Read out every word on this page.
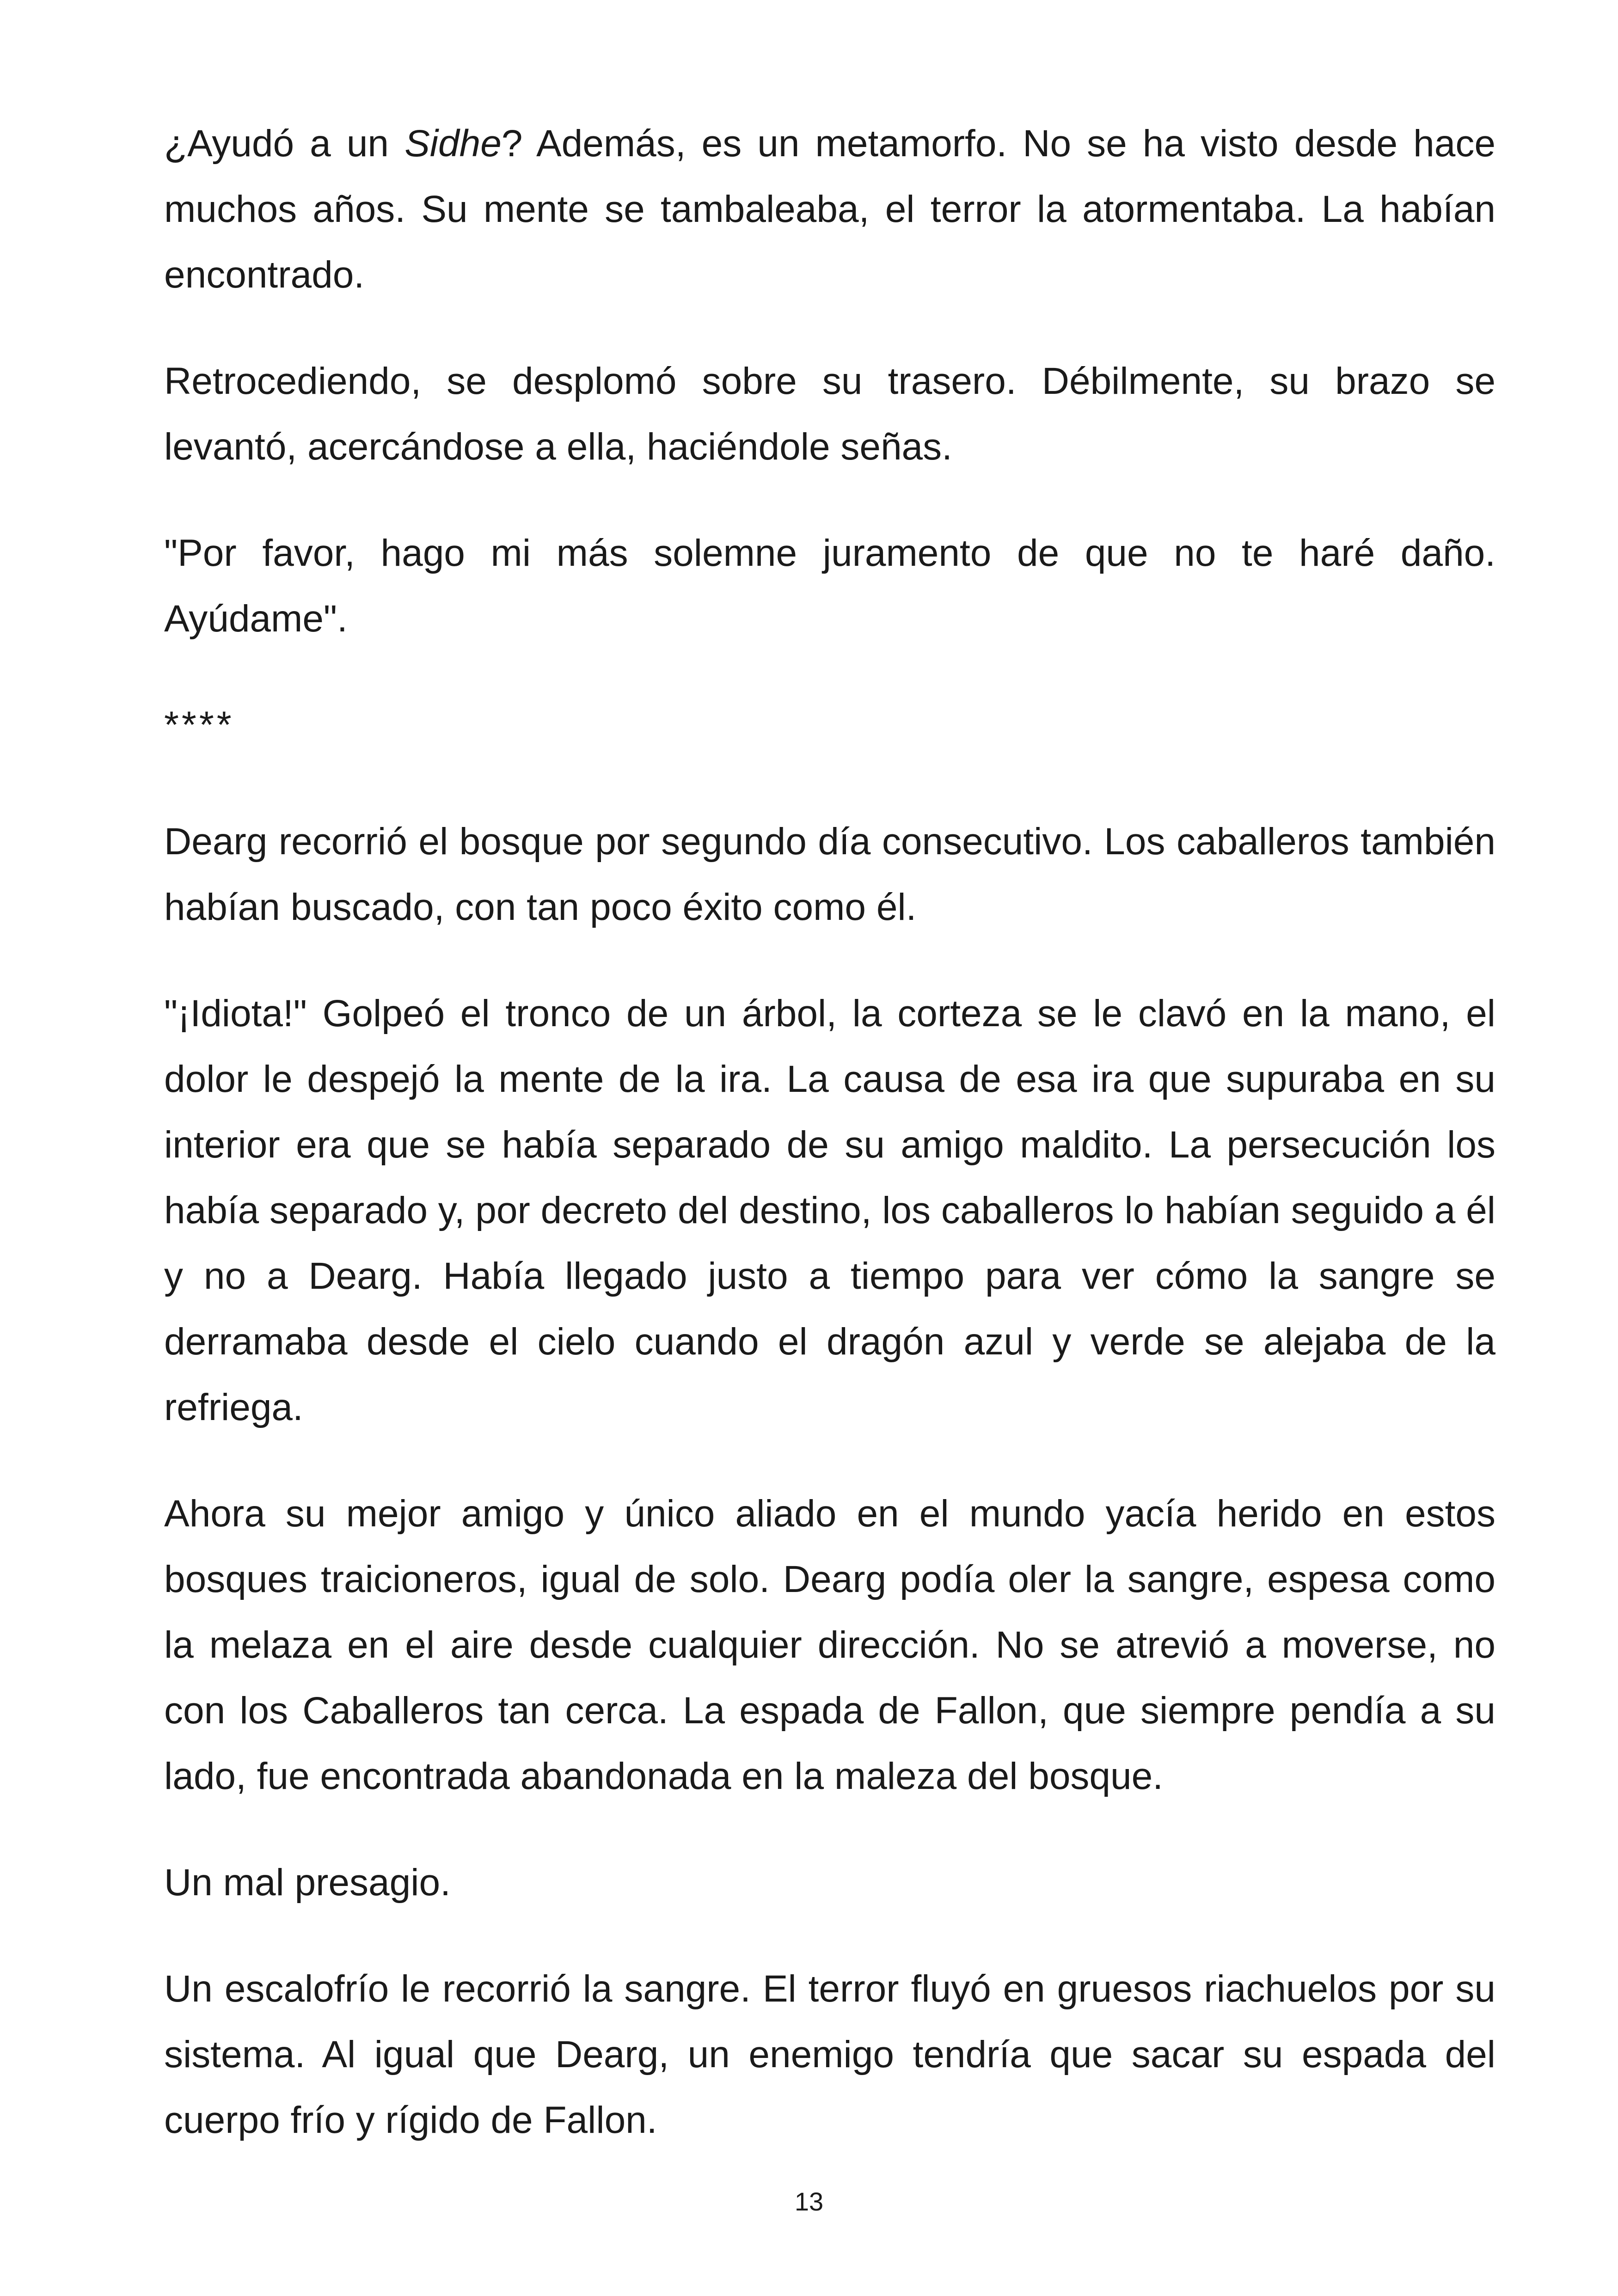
¿Ayudó a un Sidhe? Además, es un metamorfo. No se ha visto desde hace muchos años. Su mente se tambaleaba, el terror la atormentaba. La habían encontrado.

Retrocediendo, se desplomó sobre su trasero. Débilmente, su brazo se levantó, acercándose a ella, haciéndole señas.

"Por favor, hago mi más solemne juramento de que no te haré daño. Ayúdame".

****

Dearg recorrió el bosque por segundo día consecutivo. Los caballeros también habían buscado, con tan poco éxito como él.

"¡Idiota!" Golpeó el tronco de un árbol, la corteza se le clavó en la mano, el dolor le despejó la mente de la ira. La causa de esa ira que supuraba en su interior era que se había separado de su amigo maldito. La persecución los había separado y, por decreto del destino, los caballeros lo habían seguido a él y no a Dearg. Había llegado justo a tiempo para ver cómo la sangre se derramaba desde el cielo cuando el dragón azul y verde se alejaba de la refriega.

Ahora su mejor amigo y único aliado en el mundo yacía herido en estos bosques traicioneros, igual de solo. Dearg podía oler la sangre, espesa como la melaza en el aire desde cualquier dirección. No se atrevió a moverse, no con los Caballeros tan cerca. La espada de Fallon, que siempre pendía a su lado, fue encontrada abandonada en la maleza del bosque.

Un mal presagio.

Un escalofrío le recorrió la sangre. El terror fluyó en gruesos riachuelos por su sistema. Al igual que Dearg, un enemigo tendría que sacar su espada del cuerpo frío y rígido de Fallon.

13
